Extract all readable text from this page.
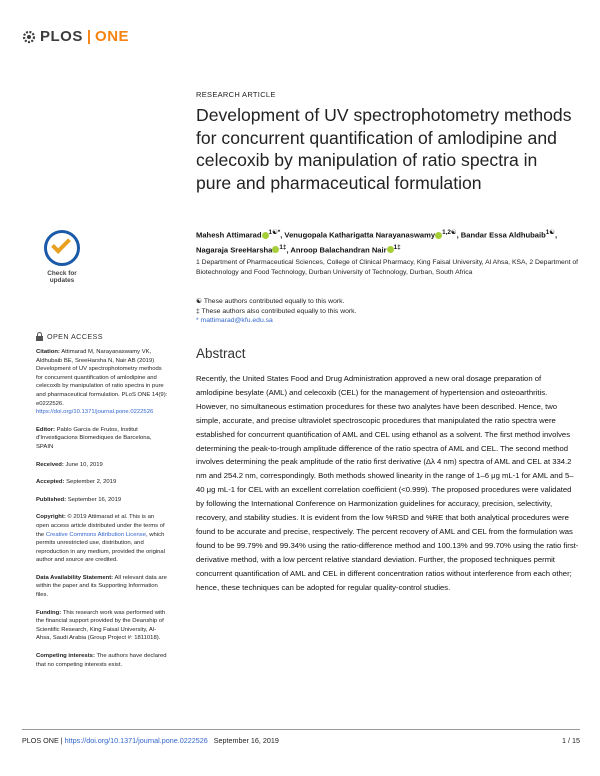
PLOS | ONE
RESEARCH ARTICLE
Development of UV spectrophotometry methods for concurrent quantification of amlodipine and celecoxib by manipulation of ratio spectra in pure and pharmaceutical formulation
Mahesh Attimarad $^{1☯*}$, Venugopala Katharigatta Narayanaswamy $^{1,2☯}$, Bandar Essa Aldhubaib$^{1☯}$, Nagaraja SreeHarsha $^{1\ddagger}$, Anroop Balachandran Nair $^{1\ddagger}$
1 Department of Pharmaceutical Sciences, College of Clinical Pharmacy, King Faisal University, Al Ahsa, KSA, 2 Department of Biotechnology and Food Technology, Durban University of Technology, Durban, South Africa
☯ These authors contributed equally to this work.
‡ These authors also contributed equally to this work.
* mattimarad@kfu.edu.sa
Check for
updates
OPEN ACCESS

Citation: Attimarad M, Narayanaswamy VK, Aldhubaib BE, SreeHarsha N, Nair AB (2019) Development of UV spectrophotometry methods for concurrent quantification of amlodipine and celecoxib by manipulation of ratio spectra in pure and pharmaceutical formulation. PLoS ONE 14(9): e0222526. https://doi.org/10.1371/journal.pone.0222526

Editor: Pablo Garcia de Frutos, Institut d'Investigacions Biomediques de Barcelona, SPAIN

Received: June 10, 2019

Accepted: September 2, 2019

Published: September 16, 2019

Copyright: © 2019 Attimarad et al. This is an open access article distributed under the terms of the Creative Commons Attribution License, which permits unrestricted use, distribution, and reproduction in any medium, provided the original author and source are credited.

Data Availability Statement: All relevant data are within the paper and its Supporting Information files.

Funding: This research work was performed with the financial support provided by the Deanship of Scientific Research, King Faisal University, Al-Ahsa, Saudi Arabia (Group Project #: 1811018).

Competing interests: The authors have declared that no competing interests exist.

Abstract
Recently, the United States Food and Drug Administration approved a new oral dosage preparation of amlodipine besylate (AML) and celecoxib (CEL) for the management of hypertension and osteoarthritis. However, no simultaneous estimation procedures for these two analytes have been described. Hence, two simple, accurate, and precise ultraviolet spectroscopic procedures that manipulated the ratio spectra were established for concurrent quantification of AML and CEL using ethanol as a solvent. The first method involves determining the peak-to-trough amplitude difference of the ratio spectra of AML and CEL. The second method involves determining the peak amplitude of the ratio first derivative (Δλ 4 nm) spectra of AML and CEL at 334.2 nm and 254.2 nm, correspondingly. Both methods showed linearity in the range of 1–6 μg mL-1 for AML and 5–40 μg mL-1 for CEL with an excellent correlation coefficient (<0.999). The proposed procedures were validated by following the International Conference on Harmonization guidelines for accuracy, precision, selectivity, recovery, and stability studies. It is evident from the low %RSD and %RE that both analytical procedures were found to be accurate and precise, respectively. The percent recovery of AML and CEL from the formulation was found to be 99.79% and 99.34% using the ratio-difference method and 100.13% and 99.70% using the ratio first-derivative method, with a low percent relative standard deviation. Further, the proposed techniques permit concurrent quantification of AML and CEL in different concentration ratios without interference from each other; hence, these techniques can be adopted for regular quality-control studies.
PLOS ONE | https://doi.org/10.1371/journal.pone.0222526 September 16, 2019	1 / 15
